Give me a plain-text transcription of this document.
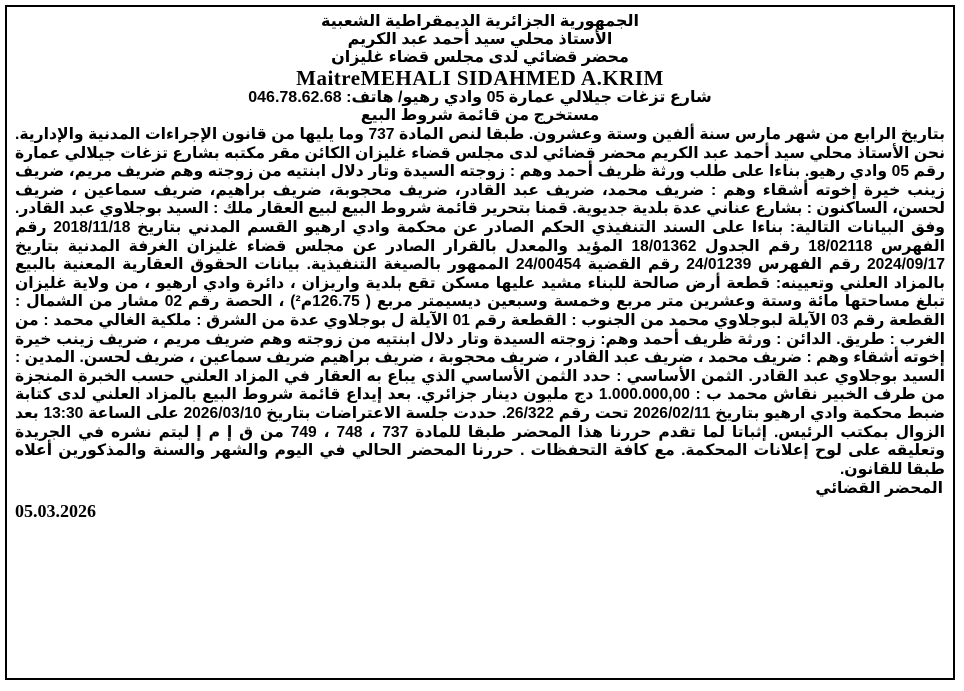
الجمهورية الجزائرية الديمقراطية الشعبية
الأستاذ محلي سيد أحمد عبد الكريم
محضر قضائي لدى مجلس قضاء غليزان
MaitreMEHALI SIDAHMED A.KRIM
شارع تزغات جيلالي عمارة 05 وادي رهيو/ هاتف: 046.78.62.68
مستخرج من قائمة شروط البيع
بتاريخ الرابع من شهر مارس سنة ألفين وستة وعشرون. طبقا لنص المادة 737 وما يليها من قانون الإجراءات المدنية والإدارية. نحن الأستاذ محلي سيد أحمد عبد الكريم محضر قضائي لدى مجلس قضاء غليزان الكائن مقر مكتبه بشارع تزغات جيلالي عمارة رقم 05 وادي رهيو. بناءا على طلب ورثة ظريف أحمد وهم : زوجته السيدة وتار دلال ابنتيه من زوجته وهم ضريف مريم، ضريف زينب خيرة إخوته أشقاء وهم : ضريف محمد، ضريف عبد القادر، ضريف محجوبة، ضريف براهيم، ضريف سماعين ، ضريف لحسن، الساكنون : بشارع عناني عدة بلدية جديوية. قمنا بتحرير قائمة شروط البيع لبيع العقار ملك : السيد بوجلاوي عبد القادر. وفق البيانات التالية: بناءا على السند التنفيذي الحكم الصادر عن محكمة وادي ارهيو القسم المدني بتاريخ 2018/11/18 رقم الفهرس 18/02118 رقم الجدول 18/01362 المؤيد والمعدل بالقرار الصادر عن مجلس قضاء غليزان الغرفة المدنية بتاريخ 2024/09/17 رقم الفهرس 24/01239 رقم القضية 24/00454 الممهور بالصيغة التنفيذية. بيانات الحقوق العقارية المعنية بالبيع بالمزاد العلني وتعيينه: قطعة أرض صالحة للبناء مشيد عليها مسكن تقع بلدية واريزان ، دائرة وادي ارهيو ، من ولاية غليزان تبلغ مساحتها مائة وستة وعشرين متر مربع وخمسة وسبعين ديسيمتر مربع ( 126.75م²) ، الحصة رقم 02 مشار من الشمال : القطعة رقم 03 الآيلة لبوجلاوي محمد من الجنوب : القطعة رقم 01 الآيلة ل بوجلاوي عدة من الشرق : ملكية الغالي محمد : من الغرب : طريق. الدائن : ورثة ظريف أحمد وهم: زوجته السيدة وتار دلال ابنتيه من زوجته وهم ضريف مريم ، ضريف زينب خيرة إخوته أشقاء وهم : ضريف محمد ، ضريف عبد القادر ، ضريف محجوبة ، ضريف براهيم ضريف سماعين ، ضريف لحسن. المدين : السيد بوجلاوي عبد القادر. الثمن الأساسي : حدد الثمن الأساسي الذي يباع به العقار في المزاد العلني حسب الخبرة المنجزة من طرف الخبير نقاش محمد ب : 1.000.000,00 دج مليون دينار جزائري. بعد إيداع قائمة شروط البيع بالمزاد العلني لدى كتابة ضبط محكمة وادي ارهيو بتاريخ 2026/02/11 تحت رقم 26/322. حددت جلسة الاعتراضات بتاريخ 2026/03/10 على الساعة 13:30 بعد الزوال بمكتب الرئيس. إثباتا لما تقدم حررنا هذا المحضر طبقا للمادة 737 ، 748 ، 749 من ق إ م إ ليتم نشره في الجريدة وتعليقه على لوح إعلانات المحكمة. مع كافة التحفظات . حررنا المحضر الحالي في اليوم والشهر والسنة والمذكورين أعلاه طبقا للقانون.
المحضر القضائي
05.03.2026
